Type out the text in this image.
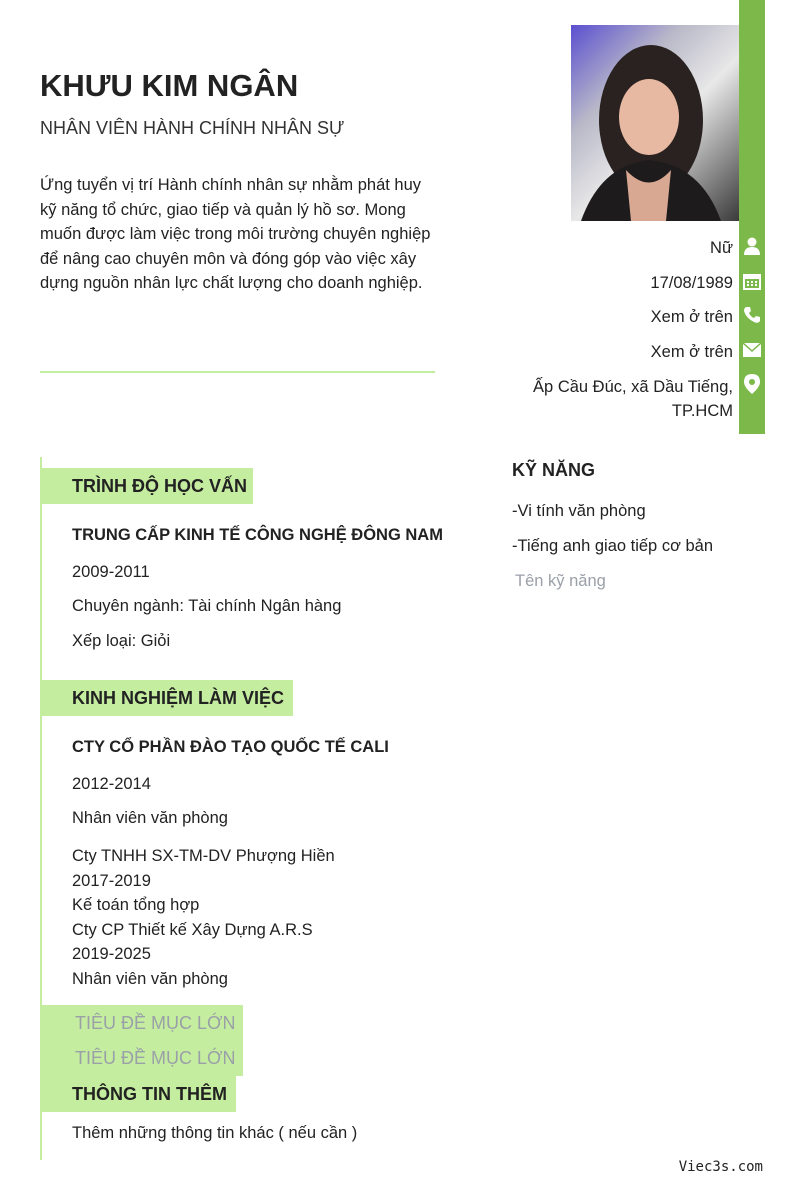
KHƯU KIM NGÂN
NHÂN VIÊN HÀNH CHÍNH NHÂN SỰ
Ứng tuyển vị trí Hành chính nhân sự nhằm phát huy kỹ năng tổ chức, giao tiếp và quản lý hồ sơ. Mong muốn được làm việc trong môi trường chuyên nghiệp để nâng cao chuyên môn và đóng góp vào việc xây dựng nguồn nhân lực chất lượng cho doanh nghiệp.
Nữ
17/08/1989
Xem ở trên
Xem ở trên
Ấp Cầu Đúc, xã Dầu Tiếng,
TP.HCM
TRÌNH ĐỘ HỌC VẤN
TRUNG CẤP KINH TẾ CÔNG NGHỆ ĐÔNG NAM
2009-2011
Chuyên ngành: Tài chính Ngân hàng
Xếp loại: Giỏi
KINH NGHIỆM LÀM VIỆC
CTY CỔ PHẦN ĐÀO TẠO QUỐC TẾ CALI
2012-2014
Nhân viên văn phòng
Cty TNHH SX-TM-DV Phượng Hiền
2017-2019
Kế toán tổng hợp
Cty CP Thiết kế Xây Dựng A.R.S
2019-2025
Nhân viên văn phòng
TIÊU ĐỀ MỤC LỚN
TIÊU ĐỀ MỤC LỚN
THÔNG TIN THÊM
Thêm những thông tin khác ( nếu cần )
KỸ NĂNG
-Vi tính văn phòng
-Tiếng anh giao tiếp cơ bản
Tên kỹ năng
Viec3s.com
